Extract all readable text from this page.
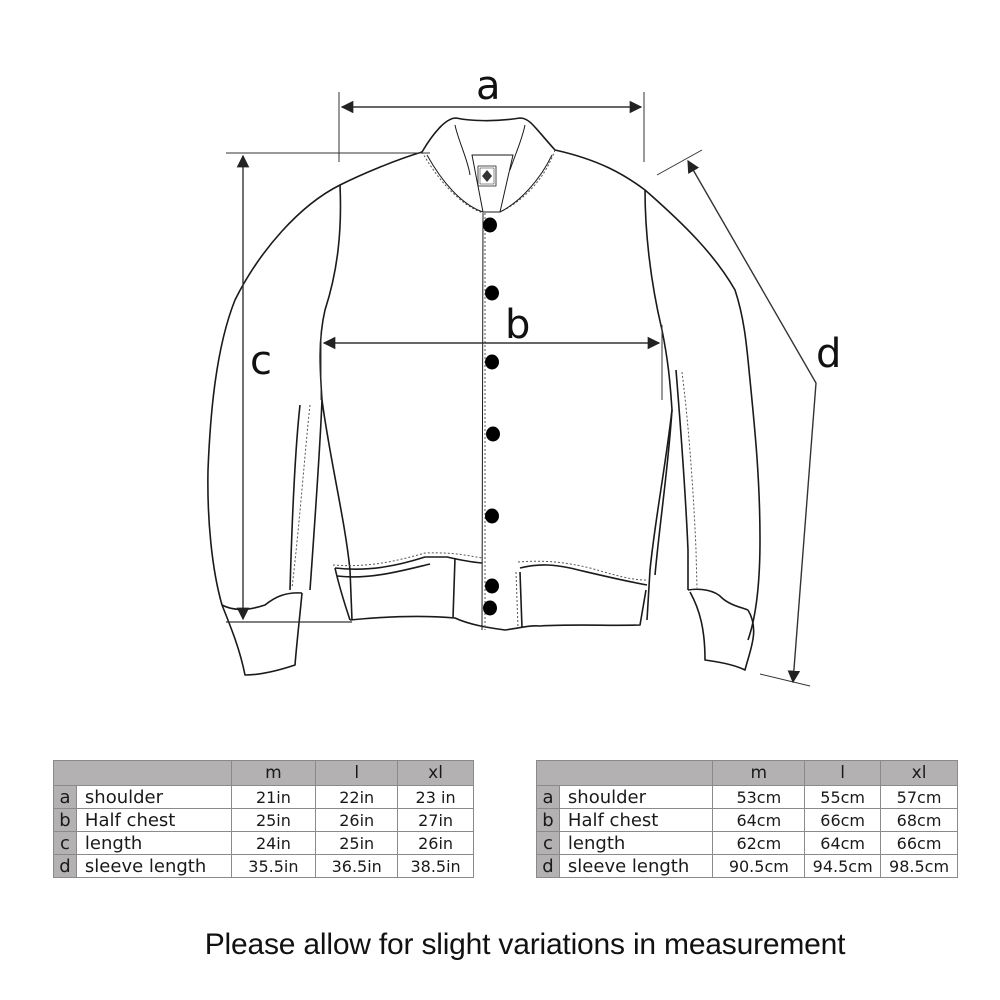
a
b
c	d
		m	l	xl
a	shoulder	21in	22in	23 in
b	Half chest	25in	26in	27in
c	length	24in	25in	26in
d	sleeve length	35.5in	36.5in	38.5in
		m	l	xl
a	shoulder	53cm	55cm	57cm
b	Half chest	64cm	66cm	68cm
c	length	62cm	64cm	66cm
d	sleeve length	90.5cm	94.5cm	98.5cm
Please allow for slight variations in measurement
